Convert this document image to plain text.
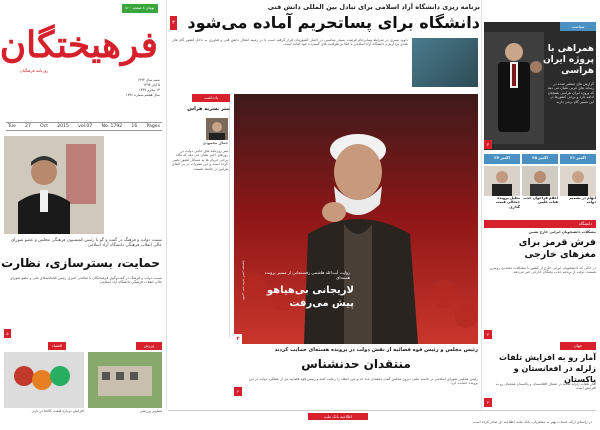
۵۰۰ تومان ۸ صفحه
فرهیختگان
روزنامه فرهنگیان
شنبه سال ۱۳۹۴
۵ آبان ۱۳۹۴
۱۴ محرم ۱۴۳۷
سال هشتم شماره ۱۷۹۲
Tue 27 Oct 2015 vol.07 No. 1792 16 Pages
برنامه ریزی دانشگاه آزاد اسلامی برای تبادل بین المللی دانش فنی
۳ دانشگاه برای پساتحریم آماده می‌شود
داوود تسری در شرایط پسابرجام فرصت بسیار مناسبی در اختیار کشورمان قرار گرفته است تا در زمینه انتقال دانش فنی و فناوری به داخل کشور گام های بلندی برداریم و دانشگاه آزاد اسلامی با اتکا بر ظرفیت های گسترده خود آماده است.
سیاست
همراهی با پروژه ایران هراسی
گزارش های منتشر شده در رسانه های غربی نشان می دهد که پروژه ایران هراسی همچنان ادامه دارد و برخی کشورها در این مسیر گام برمی دارند
۳
نسبت دولت و فرهنگ در گفت و گو با رئیس کمیسیون فرهنگی مجلس و عضو شورای عالی انقلاب فرهنگی دانشگاه آزاد اسلامی
حمایت، بسترسازی، نظارت
نسبت دولت و فرهنگ در گفت‌وگوی فرهیختگان با صالحی امیری رئیس کتابخانه‌های ملی و عضو شورای عالی انقلاب فرهنگی دانشگاه آزاد اسلامی
۵
یادداشت
تیتر نشریه هراس
جمال محمودی
تیتر روزنامه های حامی دولت در روزهای اخیر نشان می دهد که نگاه برخی جریان ها به مسائل کشور تغییر کرده است و این نشریات در پی القای هراس در جامعه هستند.
روایت آیت‌الله هاشمی رفسنجانی از مسیر پرونده هسته‌ای
لاریجانی بی‌هیاهو پیش می‌رفت
عکس: سید محمد حسن موسوی
۲
رئیس مجلس و رئیس قوه قضائیه از نقش دولت در پرونده هسته‌ای حمایت کردند
منتقدان حدنشناس
رئیس مجلس شورای اسلامی در جلسه علنی دیروز مجلس گفت منتقدان باید حد و مرز انتقاد را رعایت کنند و رئیس قوه قضاییه نیز از عملکرد دولت در این پرونده حمایت کرد.
۳
۲۷ اکتبر	۲۵ اکتبر	۲۱ اکتبر
تحلیل پرونده جنجالی قیمت گذاری
اعلام فراخوان جذب هیات علمی
ابهام در تصمیم دولت
دانشگاه
مشکلات دانشجویان ایرانی خارج نشین
فرش قرمز برای مغزهای خارجی
در حالی که دانشجویان ایرانی خارج از کشور با مشکلات متعددی روبه‌رو هستند، دولت از برنامه جذب نخبگان خارجی خبر می‌دهد.
۳
جهان
آمار رو به افزایش تلفات زلزله در افغانستان و پاکستان
آمار تلفات زلزله شدید در شمال افغانستان و پاکستان همچنان رو به افزایش است
۳
اقتصاد	ورزش
افزایش دوباره قیمت کالاها در بازار	تصاویر ورزشی
اطلاعیه بانک ملت
در راستای ارائه خدمات بهتر به مشتریان، بانک ملت اطلاعیه ای صادر کرده است
